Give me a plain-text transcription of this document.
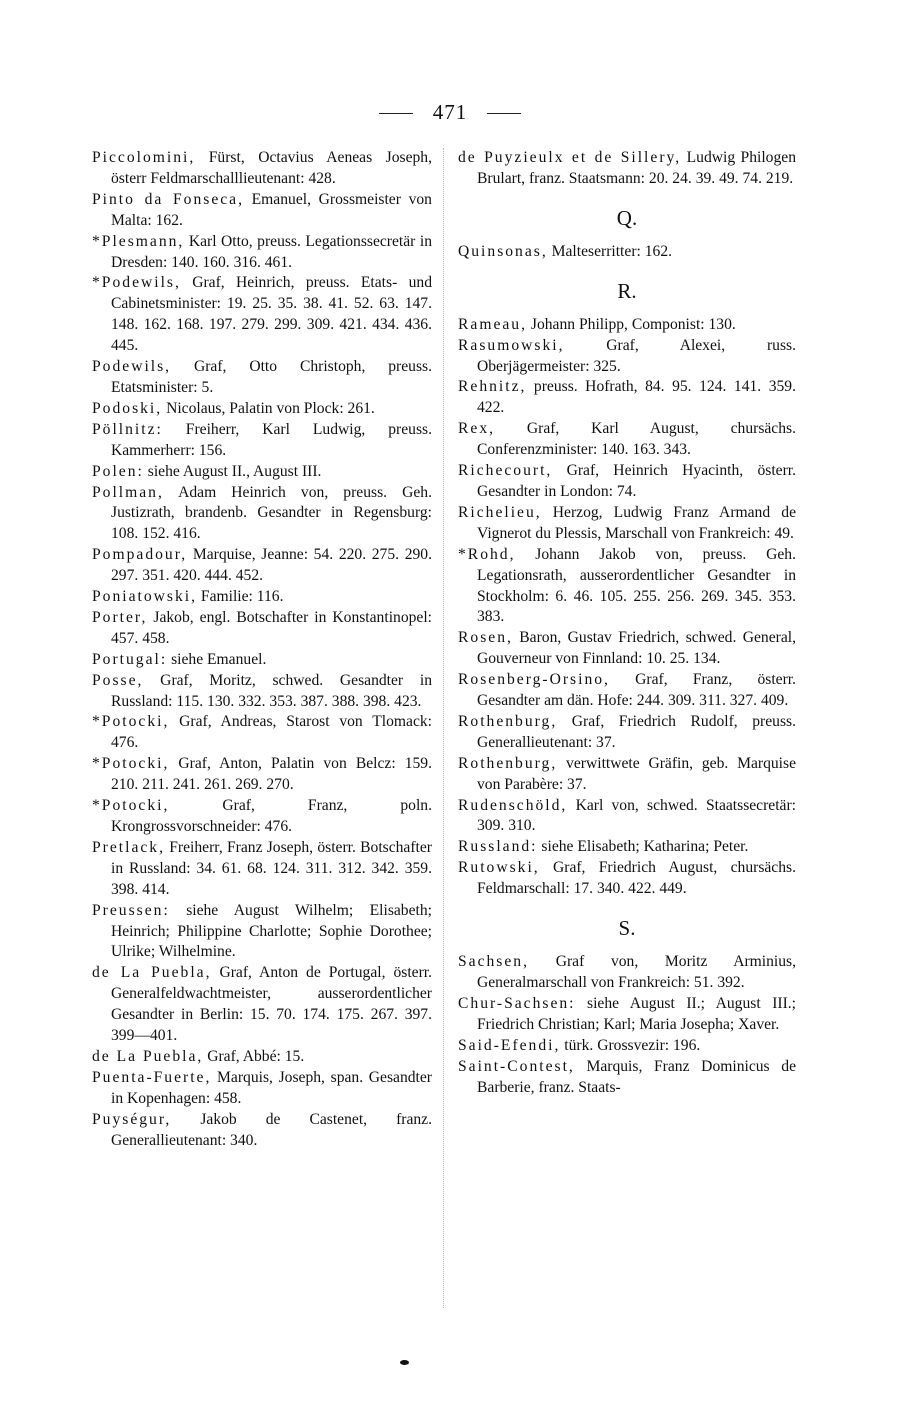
471
Piccolomini, Fürst, Octavius Aeneas Joseph, österr Feldmarschalllieutenant: 428.
Pinto da Fonseca, Emanuel, Grossmeister von Malta: 162.
*Plesmann, Karl Otto, preuss. Legationssecretär in Dresden: 140. 160. 316. 461.
*Podewils, Graf, Heinrich, preuss. Etats- und Cabinetsminister: 19. 25. 35. 38. 41. 52. 63. 147. 148. 162. 168. 197. 279. 299. 309. 421. 434. 436. 445.
Podewils, Graf, Otto Christoph, preuss. Etatsminister: 5.
Podoski, Nicolaus, Palatin von Plock: 261.
Pöllnitz: Freiherr, Karl Ludwig, preuss. Kammerherr: 156.
Polen: siehe August II., August III.
Pollman, Adam Heinrich von, preuss. Geh. Justizrath, brandenb. Gesandter in Regensburg: 108. 152. 416.
Pompadour, Marquise, Jeanne: 54. 220. 275. 290. 297. 351. 420. 444. 452.
Poniatowski, Familie: 116.
Porter, Jakob, engl. Botschafter in Konstantinopel: 457. 458.
Portugal: siehe Emanuel.
Posse, Graf, Moritz, schwed. Gesandter in Russland: 115. 130. 332. 353. 387. 388. 398. 423.
*Potocki, Graf, Andreas, Starost von Tlomack: 476.
*Potocki, Graf, Anton, Palatin von Belcz: 159. 210. 211. 241. 261. 269. 270.
*Potocki, Graf, Franz, poln. Krongrossvorschneider: 476.
Pretlack, Freiherr, Franz Joseph, österr. Botschafter in Russland: 34. 61. 68. 124. 311. 312. 342. 359. 398. 414.
Preussen: siehe August Wilhelm; Elisabeth; Heinrich; Philippine Charlotte; Sophie Dorothee; Ulrike; Wilhelmine.
de La Puebla, Graf, Anton de Portugal, österr. Generalfeldwachtmeister, ausserordentlicher Gesandter in Berlin: 15. 70. 174. 175. 267. 397. 399—401.
de La Puebla, Graf, Abbé: 15.
Puenta-Fuerte, Marquis, Joseph, span. Gesandter in Kopenhagen: 458.
Puységur, Jakob de Castenet, franz. Generallieutenant: 340.
de Puyzieulx et de Sillery, Ludwig Philogen Brulart, franz. Staatsmann: 20. 24. 39. 49. 74. 219.
Q.
Quinsonas, Malteserritter: 162.
R.
Rameau, Johann Philipp, Componist: 130.
Rasumowski, Graf, Alexei, russ. Oberjägermeister: 325.
Rehnitz, preuss. Hofrath, 84. 95. 124. 141. 359. 422.
Rex, Graf, Karl August, chursächs. Conferenzminister: 140. 163. 343.
Richecourt, Graf, Heinrich Hyacinth, österr. Gesandter in London: 74.
Richelieu, Herzog, Ludwig Franz Armand de Vignerot du Plessis, Marschall von Frankreich: 49.
*Rohd, Johann Jakob von, preuss. Geh. Legationsrath, ausserordentlicher Gesandter in Stockholm: 6. 46. 105. 255. 256. 269. 345. 353. 383.
Rosen, Baron, Gustav Friedrich, schwed. General, Gouverneur von Finnland: 10. 25. 134.
Rosenberg-Orsino, Graf, Franz, österr. Gesandter am dän. Hofe: 244. 309. 311. 327. 409.
Rothenburg, Graf, Friedrich Rudolf, preuss. Generallieutenant: 37.
Rothenburg, verwittwete Gräfin, geb. Marquise von Parabère: 37.
Rudenschöld, Karl von, schwed. Staatssecretär: 309. 310.
Russland: siehe Elisabeth; Katharina; Peter.
Rutowski, Graf, Friedrich August, chursächs. Feldmarschall: 17. 340. 422. 449.
S.
Sachsen, Graf von, Moritz Arminius, Generalmarschall von Frankreich: 51. 392.
Chur-Sachsen: siehe August II.; August III.; Friedrich Christian; Karl; Maria Josepha; Xaver.
Said-Efendi, türk. Grossvezir: 196.
Saint-Contest, Marquis, Franz Dominicus de Barberie, franz. Staats-
